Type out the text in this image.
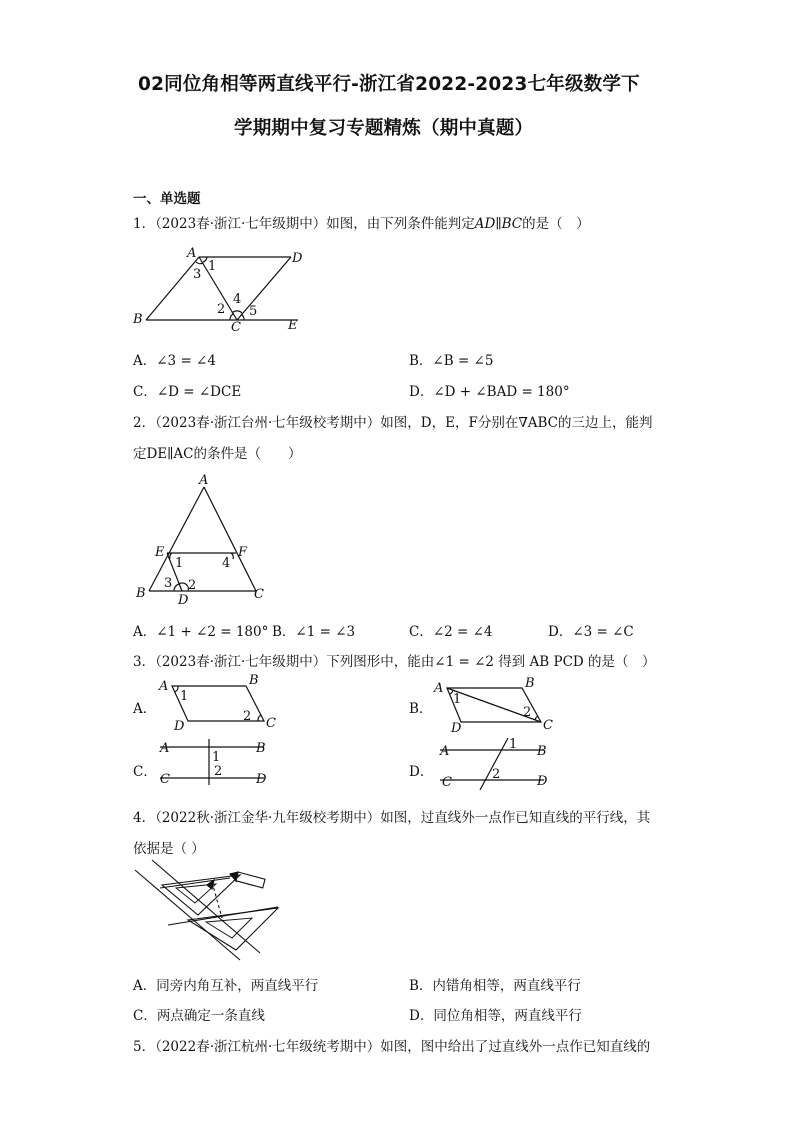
02同位角相等两直线平行-浙江省2022-2023七年级数学下
学期期中复习专题精炼（期中真题）
一、单选题
1．（2023春·浙江·七年级期中）如图，由下列条件能判定AD∥BC的是（　）
A	D
B
C	E
1
3
4
2 5
A．∠3 = ∠4	B．∠B = ∠5
C．∠D = ∠DCE	D．∠D + ∠BAD = 180°
2．（2023春·浙江台州·七年级校考期中）如图，D，E，F分别在∇ABC的三边上，能判
定DE∥AC的条件是（　　）
A
E	F
B D	C
1	4
3 2
A．∠1 + ∠2 = 180° B．∠1 = ∠3	C．∠2 = ∠4	D．∠3 = ∠C
3．（2023春·浙江·七年级期中）下列图形中，能由∠1 = ∠2 得到 AB PCD 的是（　）
A．	B．
C．	D．
A	B
D	C
1
2
A	B
D	C
1
2
A	B
C	D
1
2
A	B
C	D
1
2
4．（2022秋·浙江金华·九年级校考期中）如图，过直线外一点作已知直线的平行线，其
依据是（ ）
A．同旁内角互补，两直线平行	B．内错角相等，两直线平行
C．两点确定一条直线	D．同位角相等，两直线平行
5．（2022春·浙江杭州·七年级统考期中）如图，图中给出了过直线外一点作已知直线的
